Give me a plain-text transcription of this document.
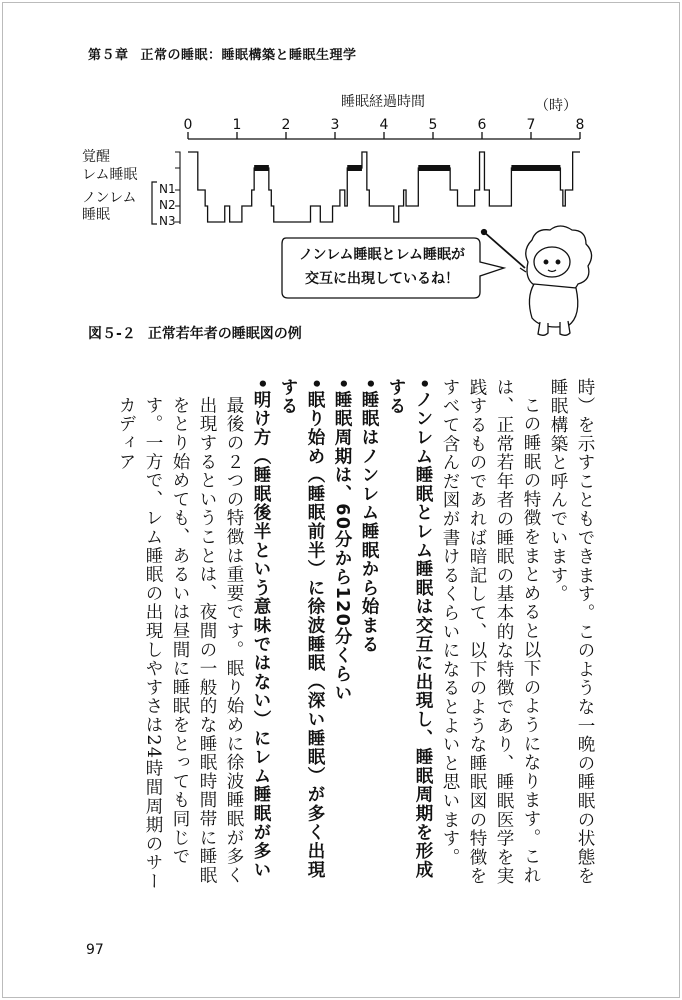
第５章 正常の睡眠：睡眠構築と睡眠生理学
睡眠経過時間	（時）
0	1	2	3	4	5	6	7	8
覚醒
レム睡眠
ノンレム
睡眠
N1
N2
N3
ノンレム睡眠とレム睡眠が
交互に出現しているね！
図５-２ 正常若年者の睡眠図の例

時）を示すこともできます。このような一晩の睡眠の状態を睡眠構築と呼んでいます。

この睡眠の特徴をまとめると以下のようになります。これは、正常若年者の睡眠の基本的な特徴であり、睡眠医学を実践するものであれば暗記して、以下のような睡眠図の特徴をすべて含んだ図が書けるくらいになるとよいと思います。

•ノンレム睡眠とレム睡眠は交互に出現し、睡眠周期を形成する

•睡眠はノンレム睡眠から始まる

•睡眠周期は、60分から120分くらい

•眠り始め（睡眠前半）に徐波睡眠（深い睡眠）が多く出現する

•明け方（睡眠後半という意味ではない）にレム睡眠が多い

最後の２つの特徴は重要です。眠り始めに徐波睡眠が多く出現するということは、夜間の一般的な睡眠時間帯に睡眠をとり始めても、あるいは昼間に睡眠をとっても同じです。一方で、レム睡眠の出現しやすさは24時間周期のサーカディア

97
